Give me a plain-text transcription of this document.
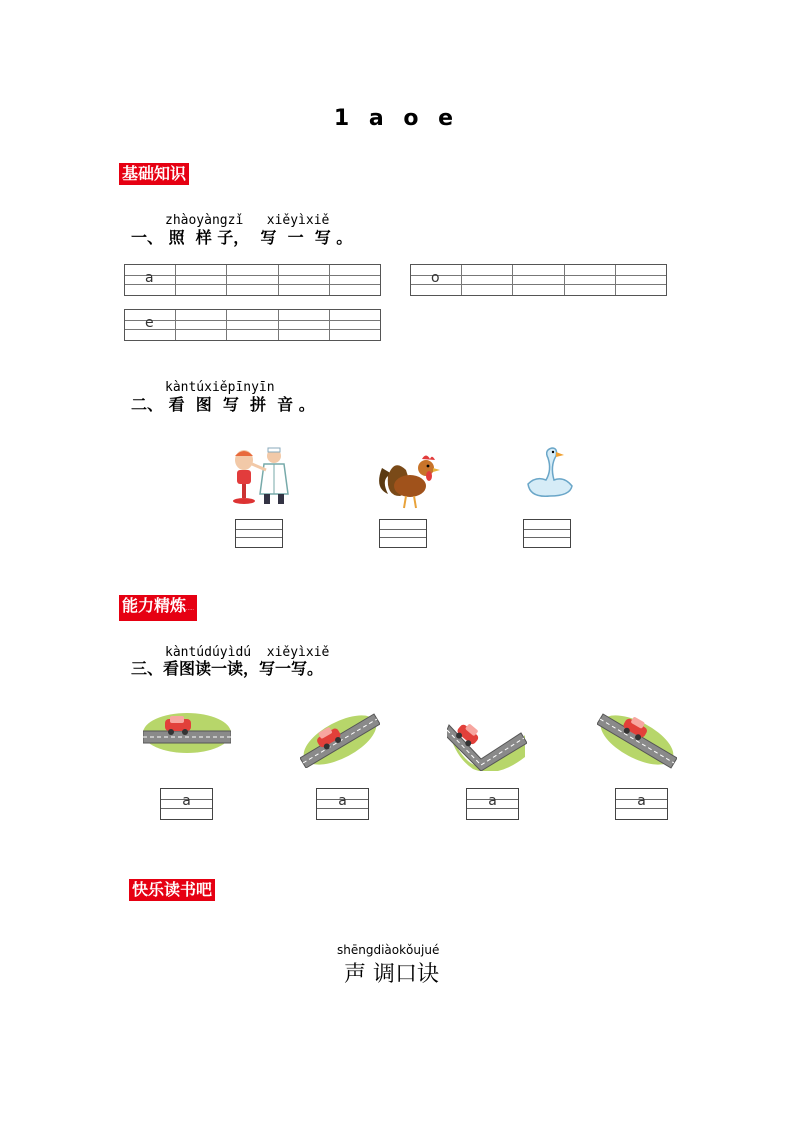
1 a o e
基础知识
zhàoyàngzǐ   xiěyìxiě
一、 照  样 子，  写  一  写 。
a	o
e
kàntúxiěpīnyīn
二、 看  图  写  拼  音 。
能力精炼·····
kàntúdúyìdú  xiěyìxiě
三、看图读一读，写一写。
a	a	a	a
快乐读书吧
shēngdiàokǒujué
声 调口诀
